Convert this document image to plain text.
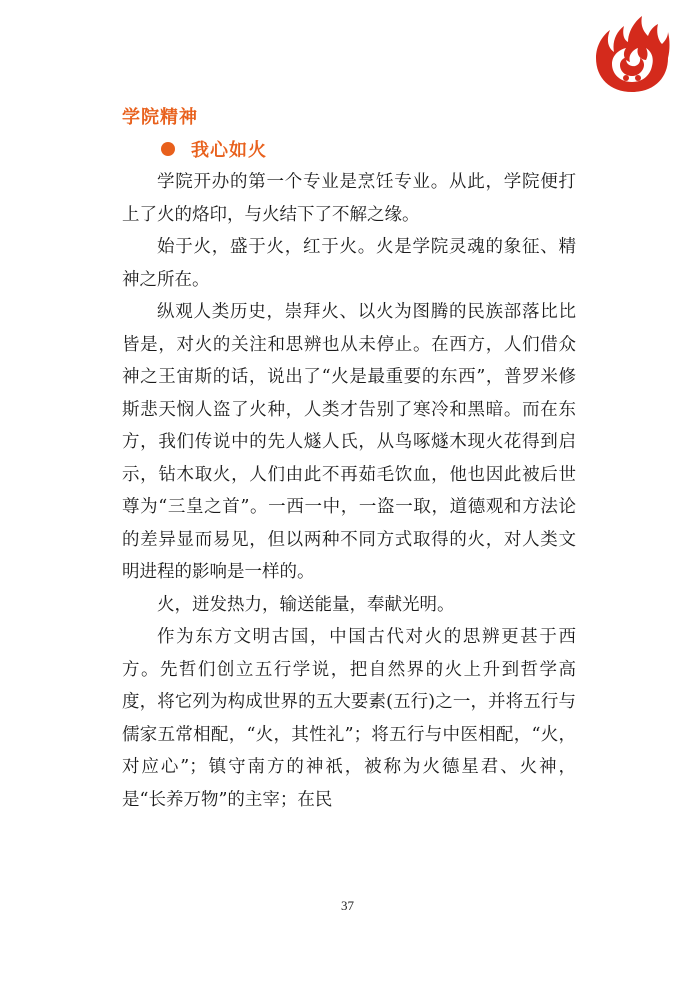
学院精神
我心如火

学院开办的第一个专业是烹饪专业。从此，学院便打上了火的烙印，与火结下了不解之缘。

始于火，盛于火，红于火。火是学院灵魂的象征、精神之所在。

纵观人类历史，崇拜火、以火为图腾的民族部落比比皆是，对火的关注和思辨也从未停止。在西方，人们借众神之王宙斯的话，说出了“火是最重要的东西”，普罗米修斯悲天悯人盗了火种，人类才告别了寒冷和黑暗。而在东方，我们传说中的先人燧人氏，从鸟啄燧木现火花得到启示，钻木取火，人们由此不再茹毛饮血，他也因此被后世尊为“三皇之首”。一西一中，一盗一取，道德观和方法论的差异显而易见，但以两种不同方式取得的火，对人类文明进程的影响是一样的。

火，迸发热力，输送能量，奉献光明。

作为东方文明古国，中国古代对火的思辨更甚于西方。先哲们创立五行学说，把自然界的火上升到哲学高度，将它列为构成世界的五大要素(五行)之一，并将五行与儒家五常相配，“火，其性礼”；将五行与中医相配，“火，对应心”；镇守南方的神祇，被称为火德星君、火神，是“长养万物”的主宰；在民

37
